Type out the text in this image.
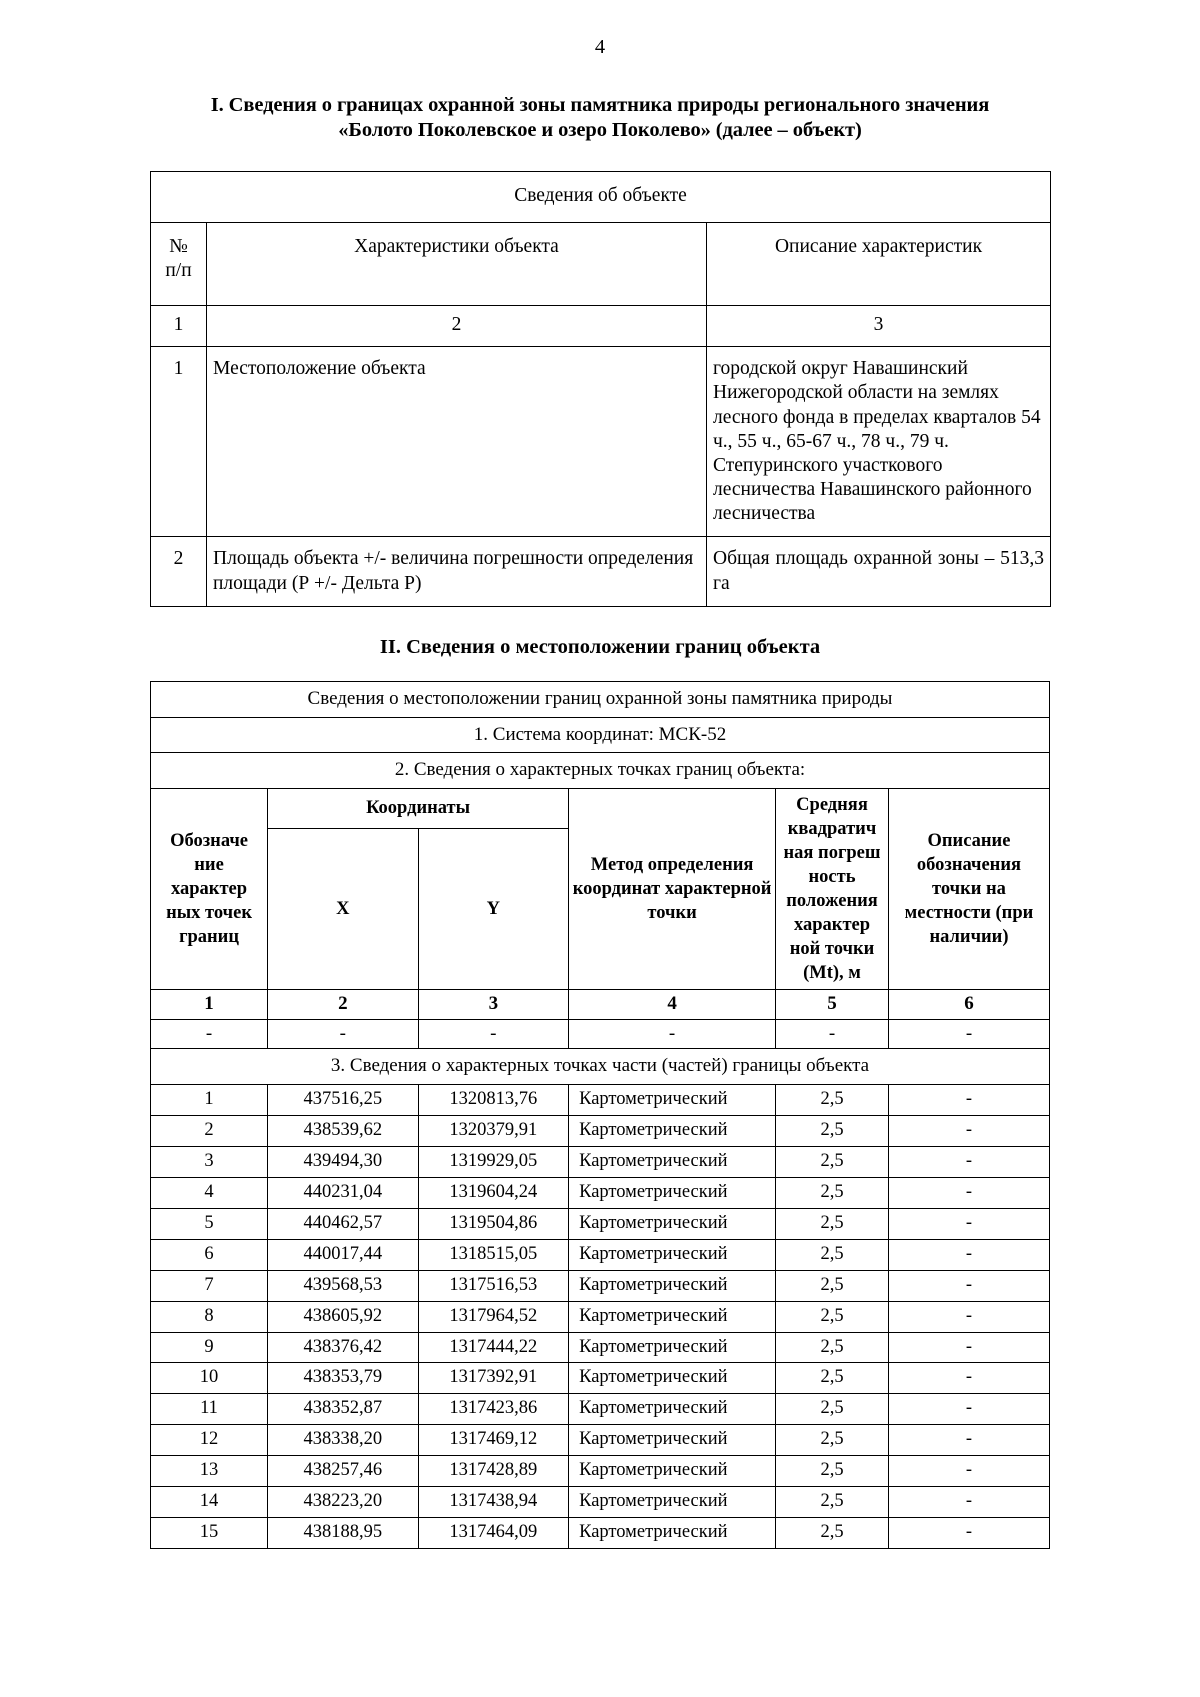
4
I. Сведения о границах охранной зоны памятника природы регионального значения
«Болото Поколевское и озеро Поколево» (далее – объект)
Сведения об объекте		

№
п/п	Характеристики объекта	Описание характеристик
1	2	3
1	Местоположение объекта	городской округ Навашинский Нижегородской области на землях лесного фонда в пределах кварталов 54 ч., 55 ч., 65-67 ч., 78 ч., 79 ч. Степуринского участкового лесничества Навашинского районного лесничества
2	Площадь объекта +/- величина погрешности определения площади (Р +/- Дельта Р)	Общая площадь охранной зоны – 513,3 га
II. Сведения о местоположении границ объекта
Сведения о местоположении границ охранной зоны памятника природы					
1. Система координат: МСК-52					
2. Сведения о характерных точках границ объекта:					
Обозначе ние характер ных точек границ	Координаты		Метод определения координат характерной точки	Средняя квадратич ная погреш ность положения характер ной точки (Mt), м	Описание обозначения точки на местности (при наличии)
	X	Y			
1	2	3	4	5	6
-	-	-	-	-	-
3. Сведения о характерных точках части (частей) границы объекта					
1	437516,25	1320813,76	Картометрический	2,5	-
2	438539,62	1320379,91	Картометрический	2,5	-
3	439494,30	1319929,05	Картометрический	2,5	-
4	440231,04	1319604,24	Картометрический	2,5	-
5	440462,57	1319504,86	Картометрический	2,5	-
6	440017,44	1318515,05	Картометрический	2,5	-
7	439568,53	1317516,53	Картометрический	2,5	-
8	438605,92	1317964,52	Картометрический	2,5	-
9	438376,42	1317444,22	Картометрический	2,5	-
10	438353,79	1317392,91	Картометрический	2,5	-
11	438352,87	1317423,86	Картометрический	2,5	-
12	438338,20	1317469,12	Картометрический	2,5	-
13	438257,46	1317428,89	Картометрический	2,5	-
14	438223,20	1317438,94	Картометрический	2,5	-
15	438188,95	1317464,09	Картометрический	2,5	-
